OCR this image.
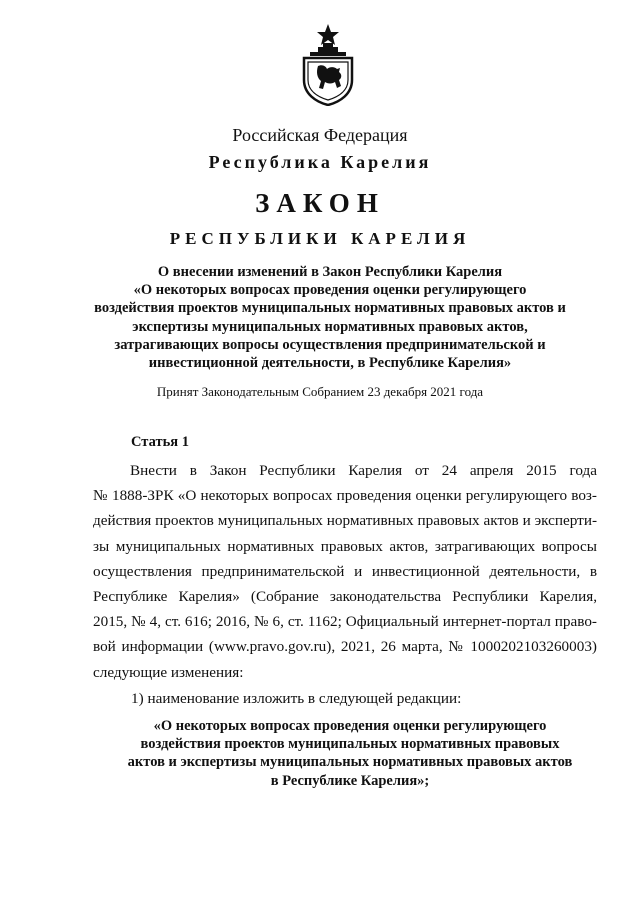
Российская Федерация
Республика Карелия
ЗАКОН
РЕСПУБЛИКИ КАРЕЛИЯ
О внесении изменений в Закон Республики Карелия
«О некоторых вопросах проведения оценки регулирующего
воздействия проектов муниципальных нормативных правовых актов и
экспертизы муниципальных нормативных правовых актов,
затрагивающих вопросы осуществления предпринимательской и
инвестиционной деятельности, в Республике Карелия»
Принят Законодательным Собранием 23 декабря 2021 года
Статья 1
Внести в Закон Республики Карелия от 24 апреля 2015 года
№ 1888-ЗРК «О некоторых вопросах проведения оценки регулирующего воз-
действия проектов муниципальных нормативных правовых актов и эксперти-
зы муниципальных нормативных правовых актов, затрагивающих вопросы
осуществления предпринимательской и инвестиционной деятельности, в
Республике Карелия» (Собрание законодательства Республики Карелия,
2015, № 4, ст. 616; 2016, № 6, ст. 1162; Официальный интернет-портал право-
вой информации (www.pravo.gov.ru), 2021, 26 марта, № 1000202103260003)
следующие изменения:
1) наименование изложить в следующей редакции:
«О некоторых вопросах проведения оценки регулирующего
воздействия проектов муниципальных нормативных правовых
актов и экспертизы муниципальных нормативных правовых актов
в Республике Карелия»;
